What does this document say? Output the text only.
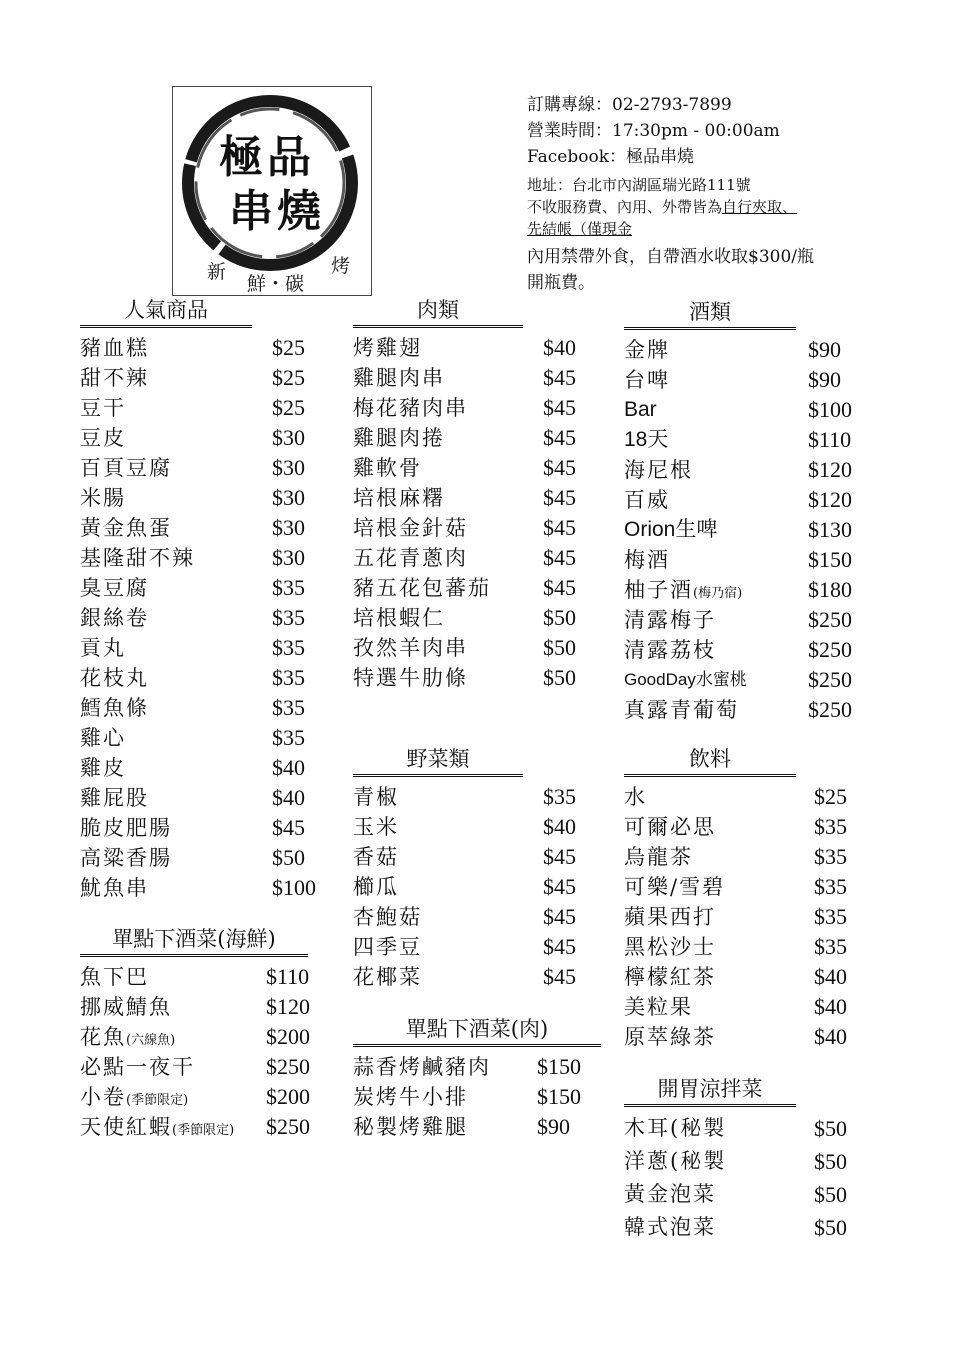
極品
串燒
新
鮮・碳
烤
訂購專線：02-2793-7899
營業時間：17:30pm - 00:00am
Facebook：極品串燒
地址：台北市內湖區瑞光路111號
不收服務費、內用、外帶皆為自行夾取、
先結帳（僅現金
內用禁帶外食，自帶酒水收取$300/瓶
開瓶費。
人氣商品
豬血糕	$25
甜不辣	$25
豆干	$25
豆皮	$30
百頁豆腐	$30
米腸	$30
黃金魚蛋	$30
基隆甜不辣	$30
臭豆腐	$35
銀絲卷	$35
貢丸	$35
花枝丸	$35
鱈魚條	$35
雞心	$35
雞皮	$40
雞屁股	$40
脆皮肥腸	$45
高粱香腸	$50
魷魚串	$100
單點下酒菜(海鮮)
魚下巴	$110
挪威鯖魚	$120
花魚(六線魚)	$200
必點一夜干	$250
小卷(季節限定)	$200
天使紅蝦(季節限定) $250
肉類
烤雞翅	$40
雞腿肉串	$45
梅花豬肉串	$45
雞腿肉捲	$45
雞軟骨	$45
培根麻糬	$45
培根金針菇	$45
五花青蔥肉	$45
豬五花包蕃茄 $45
培根蝦仁	$50
孜然羊肉串	$50
特選牛肋條	$50
野菜類
青椒	$35
玉米	$40
香菇	$45
櫛瓜	$45
杏鮑菇	$45
四季豆	$45
花椰菜	$45
單點下酒菜(肉)
蒜香烤鹹豬肉 $150
炭烤牛小排	$150
秘製烤雞腿	$90
酒類
金牌	$90
台啤	$90
Bar	$100
18天	$110
海尼根	$120
百威	$120
Orion生啤	$130
梅酒	$150
柚子酒(梅乃宿)	$180
清露梅子	$250
清露荔枝	$250
GoodDay水蜜桃	$250
真露青葡萄	$250
飲料
水	$25
可爾必思	$35
烏龍茶	$35
可樂/雪碧	$35
蘋果西打	$35
黑松沙士	$35
檸檬紅茶	$40
美粒果	$40
原萃綠茶	$40
開胃涼拌菜
木耳(秘製	$50
洋蔥(秘製	$50
黃金泡菜	$50
韓式泡菜	$50
